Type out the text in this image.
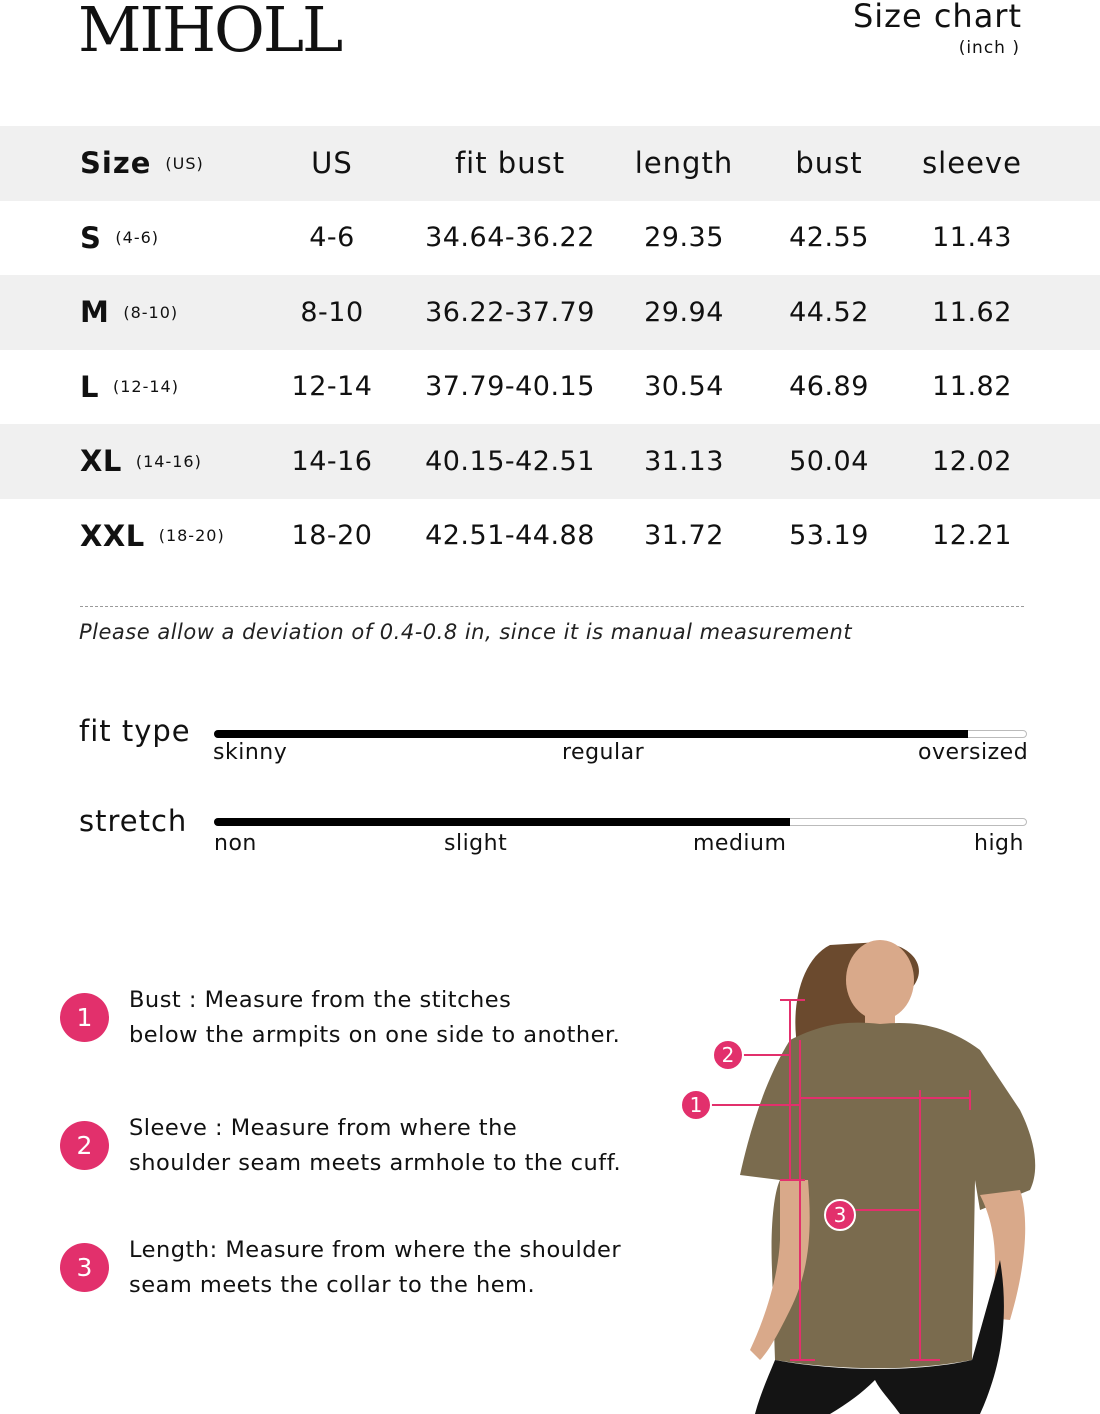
MIHOLL	Size chart
(inch )
Size (US)	US	fit bust	length	bust	sleeve
S (4-6)	4-6	34.64-36.22	29.35	42.55	11.43
M (8-10)	8-10	36.22-37.79	29.94	44.52	11.62
L (12-14)	12-14	37.79-40.15	30.54	46.89	11.82
XL (14-16)	14-16	40.15-42.51	31.13	50.04	12.02
XXL (18-20)	18-20	42.51-44.88	31.72	53.19	12.21
Please allow a deviation of 0.4-0.8 in, since it is manual measurement
fit type
skinny	regular	oversized
stretch
non	slight	medium	high
1
Bust : Measure from the stitches
below the armpits on one side to another.
2
Sleeve : Measure from where the
shoulder seam meets armhole to the cuff.
3
Length: Measure from where the shoulder
seam meets the collar to the hem.
2
1
3
